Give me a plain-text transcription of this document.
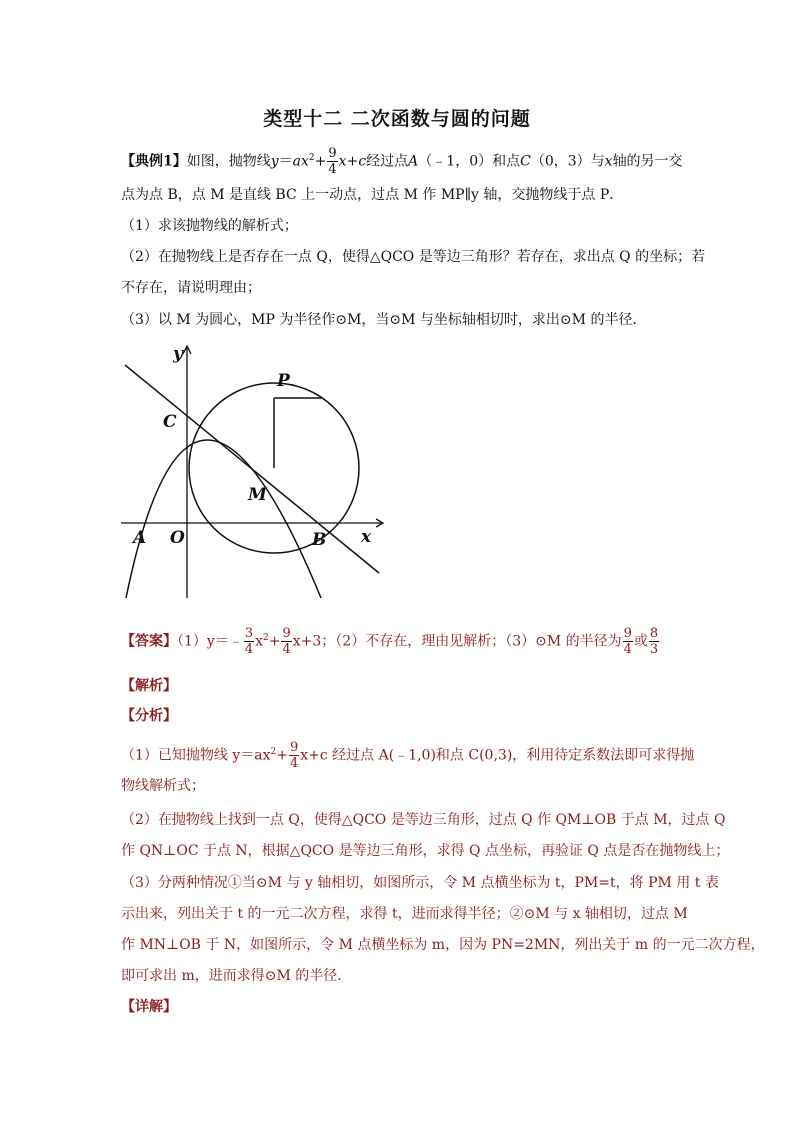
类型十二 二次函数与圆的问题
【典例1】如图，抛物线$y=ax^2+ \frac{9}{4} x+c$经过点A（﹣1，0）和点C（0，3）与x轴的另一交
点为点 B，点 M 是直线 BC 上一动点，过点 M 作 MP∥y 轴，交抛物线于点 P．
（1）求该抛物线的解析式；
（2）在抛物线上是否存在一点 Q，使得△QCO 是等边三角形？若存在，求出点 Q 的坐标；若
不存在，请说明理由；
（3）以 M 为圆心，MP 为半径作⊙M，当⊙M 与坐标轴相切时，求出⊙M 的半径．
y
x
P
C
M
A O	B
【答案】（1）y＝﹣ $\frac{3}{4} x^2+ \frac{9}{4} x+3$；（2）不存在，理由见解析；（3）⊙M 的半径为 $\frac{9}{4}$ 或 $\frac{8}{3}$
【解析】
【分析】
（1）已知抛物线 $y=ax^2+ \frac{9}{4} x+c$ 经过点 A(﹣1,0)和点 C(0,3)，利用待定系数法即可求得抛
物线解析式；
（2）在抛物线上找到一点 Q，使得△QCO 是等边三角形，过点 Q 作 QM⊥OB 于点 M，过点 Q
作 QN⊥OC 于点 N，根据△QCO 是等边三角形，求得 Q 点坐标，再验证 Q 点是否在抛物线上；
（3）分两种情况①当⊙M 与 y 轴相切，如图所示，令 M 点横坐标为 t，PM=t，将 PM 用 t 表
示出来，列出关于 t 的一元二次方程，求得 t，进而求得半径；②⊙M 与 x 轴相切，过点 M
作 MN⊥OB 于 N，如图所示，令 M 点横坐标为 m，因为 PN=2MN，列出关于 m 的一元二次方程，
即可求出 m，进而求得⊙M 的半径．
【详解】
